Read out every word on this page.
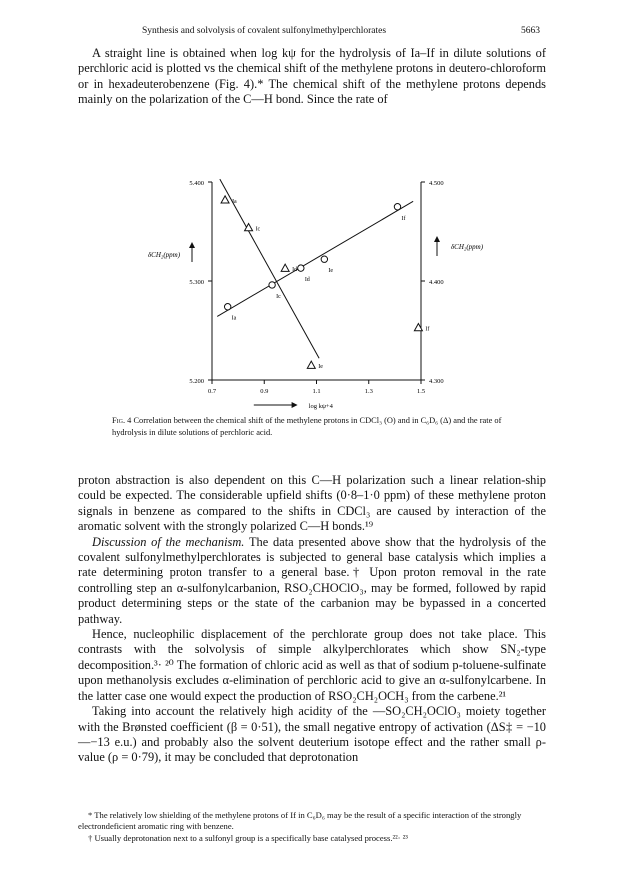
Synthesis and solvolysis of covalent sulfonylmethylperchlorates	5663

A straight line is obtained when log kψ for the hydrolysis of Ia–If in dilute solutions of perchloric acid is plotted vs the chemical shift of the methylene protons in deutero-chloroform or in hexadeuterobenzene (Fig. 4).* The chemical shift of the methylene protons depends mainly on the polarization of the C—H bond. Since the rate of

5.400
5.300
5.200
4.500
4.400
4.300
0.7	0.9	1.1	1.3	1.5
If
Ie
Id
Ic
Ia
Ia
Ic
Id
If
Ie
δCH₂(ppm)
δCH₂(ppm)
log kψ+4

Fig. 4 Correlation between the chemical shift of the methylene protons in CDCl₃ (O) and in C₆D₆ (Δ) and the rate of hydrolysis in dilute solutions of perchloric acid.

proton abstraction is also dependent on this C—H polarization such a linear relation-ship could be expected. The considerable upfield shifts (0·8–1·0 ppm) of these methylene proton signals in benzene as compared to the shifts in CDCl₃ are caused by interaction of the aromatic solvent with the strongly polarized C—H bonds.¹⁹

Discussion of the mechanism. The data presented above show that the hydrolysis of the covalent sulfonylmethylperchlorates is subjected to general base catalysis which implies a rate determining proton transfer to a general base.† Upon proton removal in the rate controlling step an α-sulfonylcarbanion, RSO₂CHOClO₃, may be formed, followed by rapid product determining steps or the state of the carbanion may be bypassed in a concerted pathway.

Hence, nucleophilic displacement of the perchlorate group does not take place. This contrasts with the solvolysis of simple alkylperchlorates which show SN₂-type decomposition.³· ²⁰ The formation of chloric acid as well as that of sodium p-toluene-sulfinate upon methanolysis excludes α-elimination of perchloric acid to give an α-sulfonylcarbene. In the latter case one would expect the production of RSO₂CH₂OCH₃ from the carbene.²¹

Taking into account the relatively high acidity of the —SO₂CH₂OClO₃ moiety together with the Brønsted coefficient (β = 0·51), the small negative entropy of activation (ΔS‡ = −10—−13 e.u.) and probably also the solvent deuterium isotope effect and the rather small ρ-value (ρ = 0·79), it may be concluded that deprotonation

* The relatively low shielding of the methylene protons of If in C₆D₆ may be the result of a specific interaction of the strongly electrondeficient aromatic ring with benzene.

† Usually deprotonation next to a sulfonyl group is a specifically base catalysed process.²²· ²³
